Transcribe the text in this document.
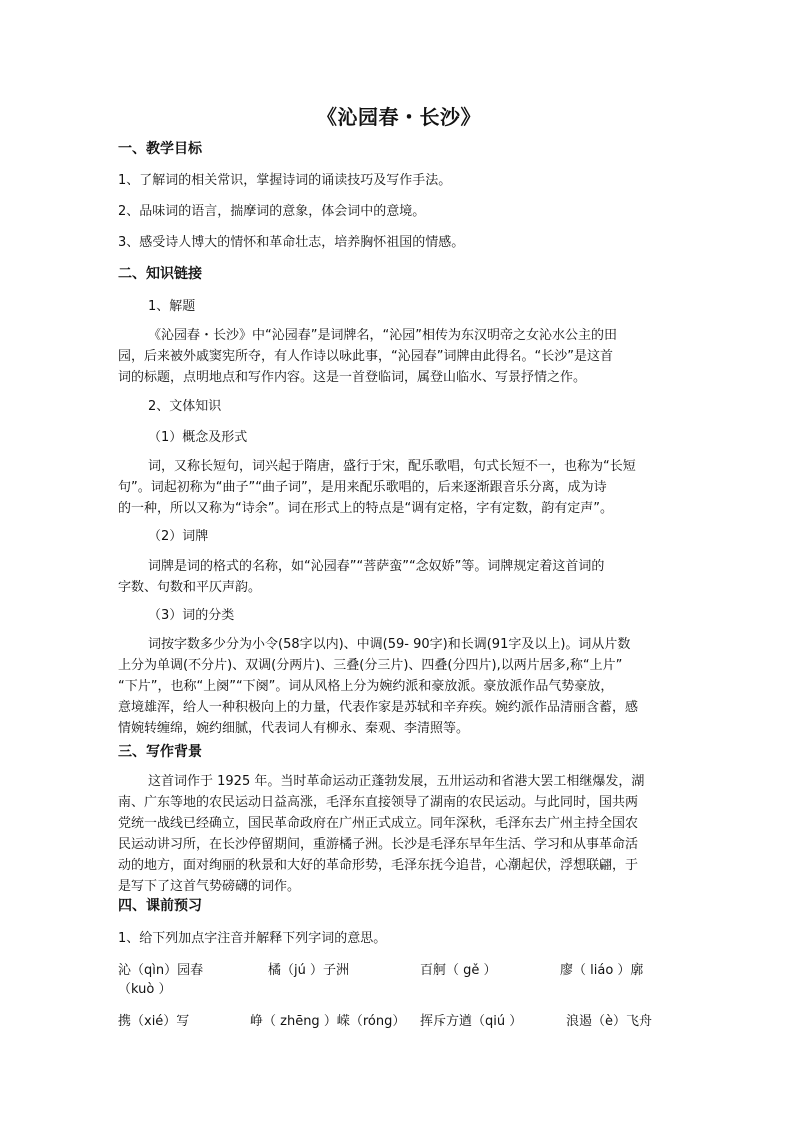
《沁园春・长沙》
一、教学目标
1、了解词的相关常识，掌握诗词的诵读技巧及写作手法。
2、品味词的语言，揣摩词的意象，体会词中的意境。
3、感受诗人博大的情怀和革命壮志，培养胸怀祖国的情感。
二、知识链接
1、解题
《沁园春・长沙》中“沁园春”是词牌名，“沁园”相传为东汉明帝之女沁水公主的田
园，后来被外戚窦宪所夺，有人作诗以咏此事，“沁园春”词牌由此得名。“长沙”是这首
词的标题，点明地点和写作内容。这是一首登临词，属登山临水、写景抒情之作。
2、文体知识
（1）概念及形式
词，又称长短句，词兴起于隋唐，盛行于宋，配乐歌唱，句式长短不一，也称为“长短
句”。词起初称为“曲子”“曲子词”，是用来配乐歌唱的，后来逐渐跟音乐分离，成为诗
的一种，所以又称为“诗余”。词在形式上的特点是“调有定格，字有定数，韵有定声”。
（2）词牌
词牌是词的格式的名称，如“沁园春”“菩萨蛮”“念奴娇”等。词牌规定着这首词的
字数、句数和平仄声韵。
（3）词的分类
词按字数多少分为小令(58字以内)、中调(59- 90字)和长调(91字及以上)。词从片数
上分为单调(不分片)、双调(分两片)、三叠(分三片)、四叠(分四片),以两片居多,称“上片”
“下片”，也称“上阕”“下阕”。词从风格上分为婉约派和豪放派。豪放派作品气势豪放，
意境雄浑，给人一种积极向上的力量，代表作家是苏轼和辛弃疾。婉约派作品清丽含蓄，感
情婉转缠绵，婉约细腻，代表词人有柳永、秦观、李清照等。
三、写作背景
这首词作于 1925 年。当时革命运动正蓬勃发展，五卅运动和省港大罢工相继爆发，湖
南、广东等地的农民运动日益高涨，毛泽东直接领导了湖南的农民运动。与此同时，国共两
党统一战线已经确立，国民革命政府在广州正式成立。同年深秋，毛泽东去广州主持全国农
民运动讲习所，在长沙停留期间，重游橘子洲。长沙是毛泽东早年生活、学习和从事革命活
动的地方，面对绚丽的秋景和大好的革命形势，毛泽东抚今追昔，心潮起伏，浮想联翩，于
是写下了这首气势磅礴的词作。
四、课前预习
1、给下列加点字注音并解释下列字词的意思。
沁（qìn）园春	橘（jú ）子洲	百舸（ gě ）	廖（ liáo ）廓
（kuò ）
携（xié）写	峥（ zhēng ）嵘（róng） 挥斥方遒（qiú ）	浪遏（è）飞舟
